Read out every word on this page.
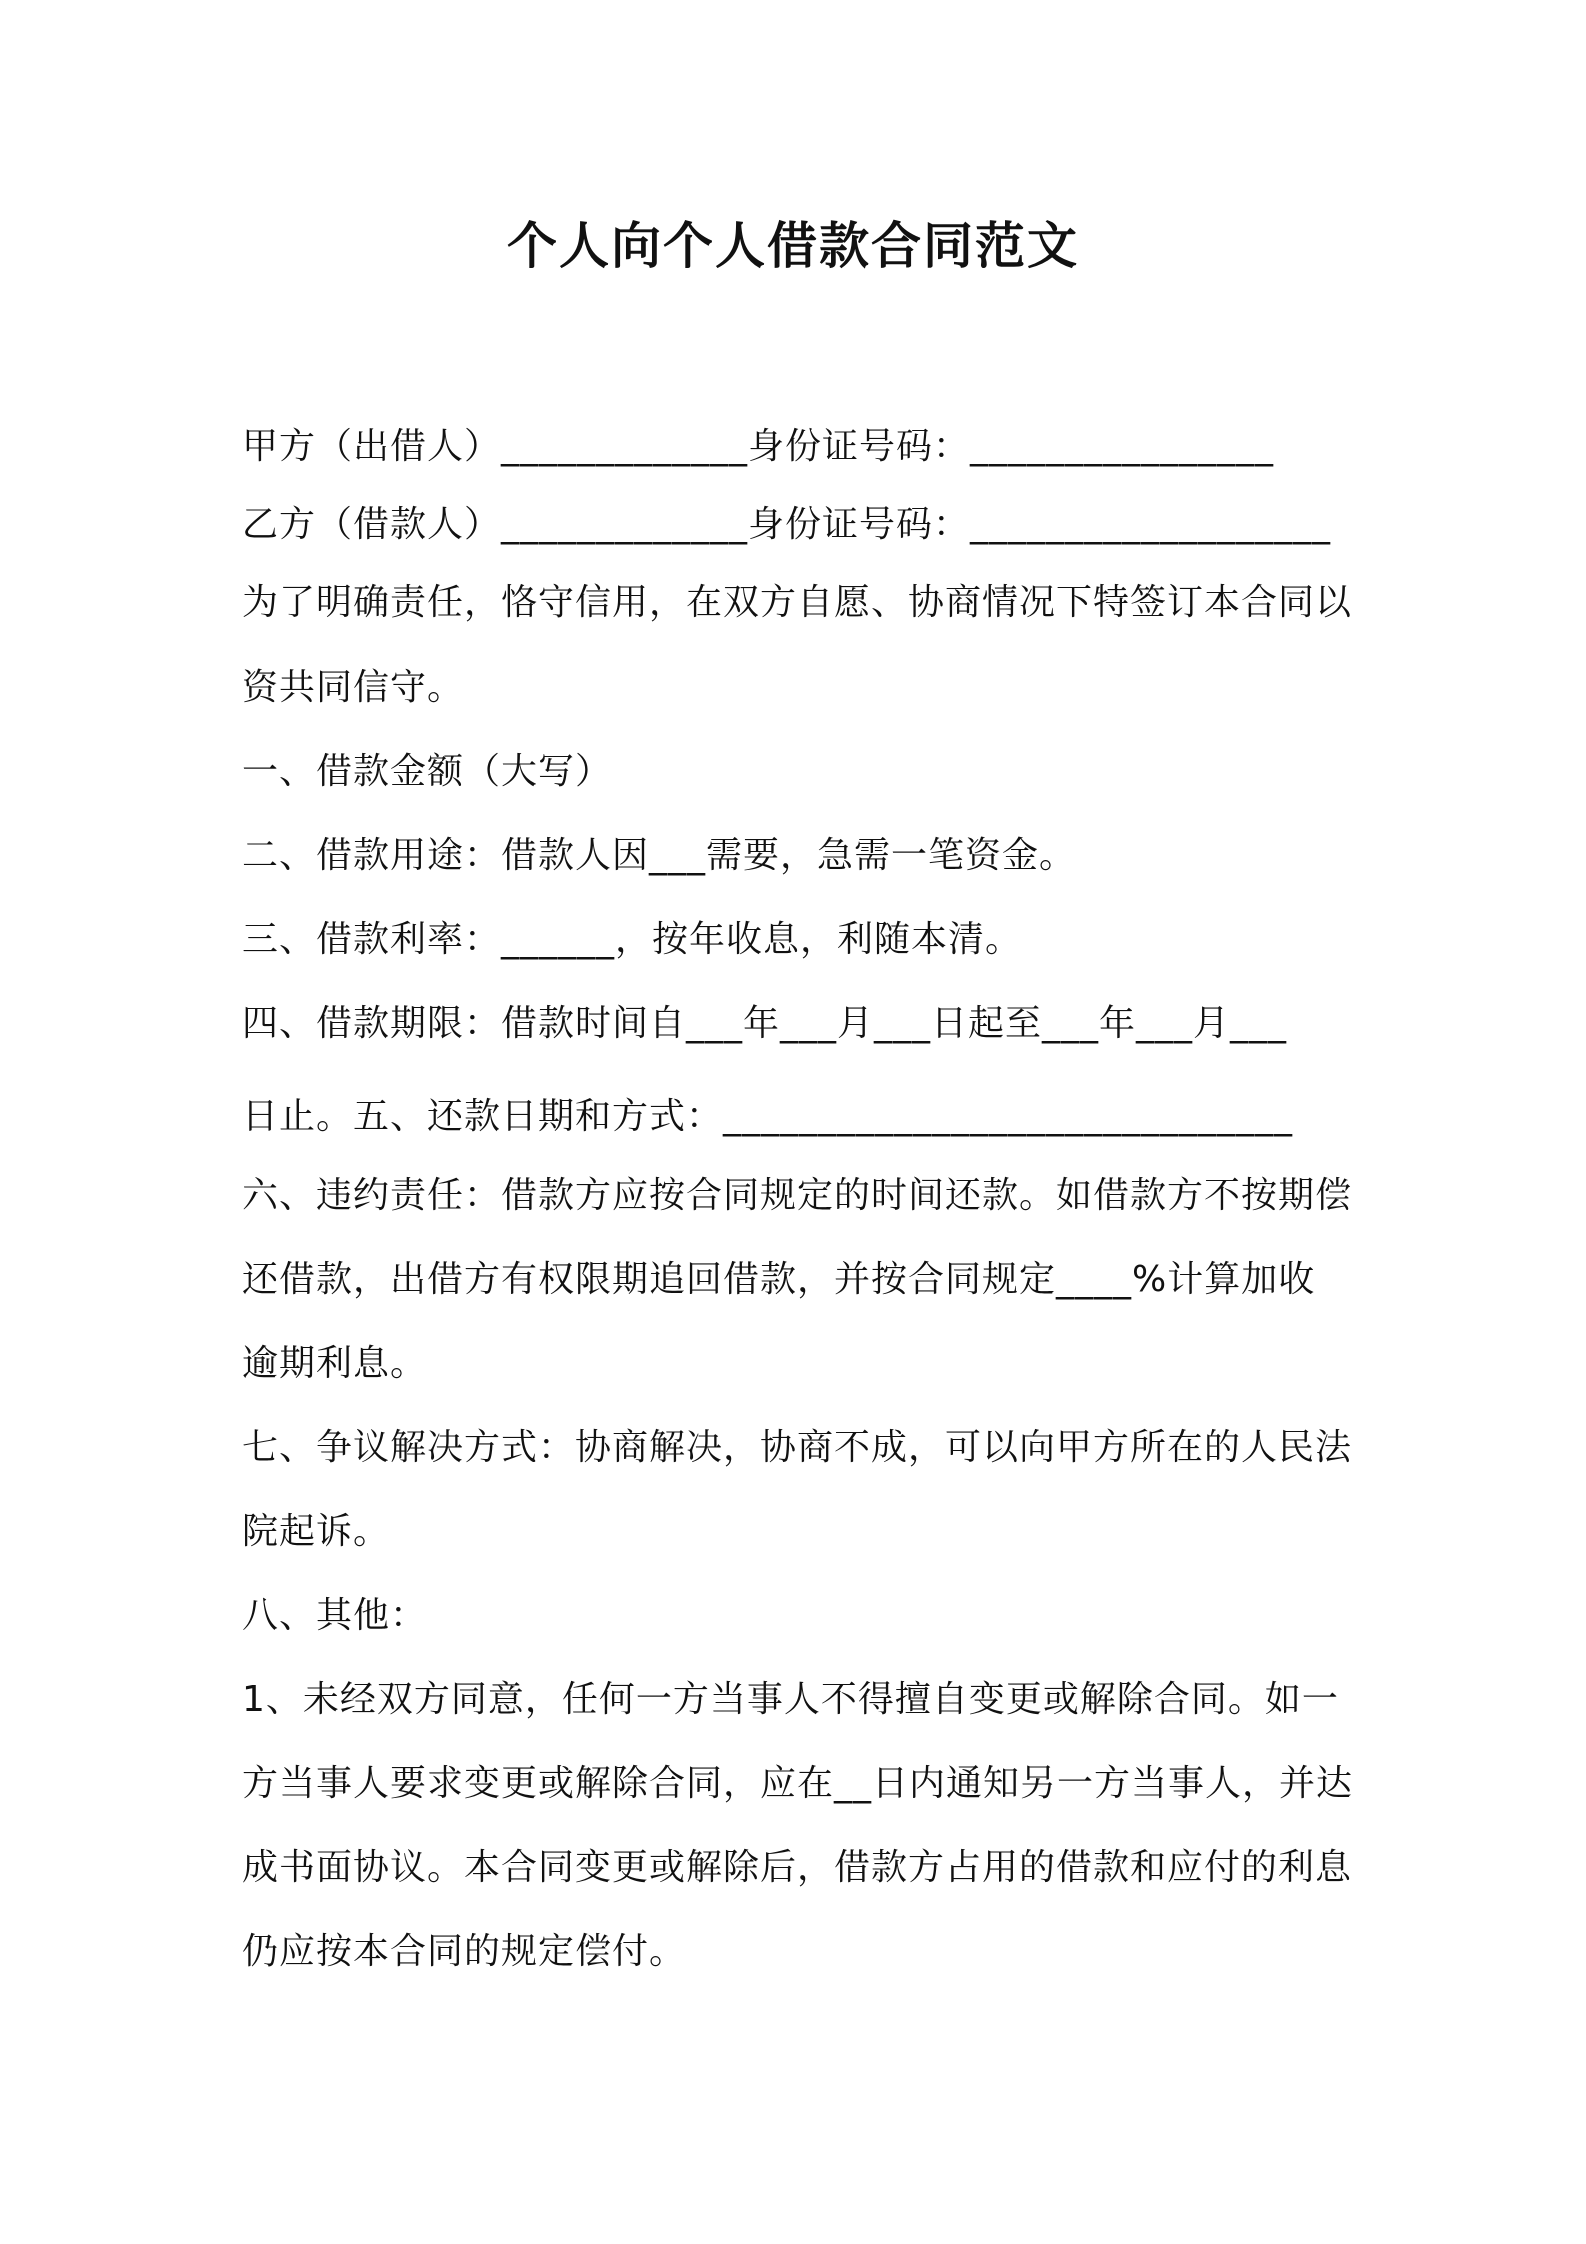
个人向个人借款合同范文

甲方（出借人）_____________身份证号码：________________

乙方（借款人）_____________身份证号码：___________________

为了明确责任，恪守信用，在双方自愿、协商情况下特签订本合同以

资共同信守。

一、借款金额（大写）

二、借款用途：借款人因___需要，急需一笔资金。

三、借款利率：______，按年收息，利随本清。

四、借款期限：借款时间自___年___月___日起至___年___月___

日止。五、还款日期和方式：______________________________

六、违约责任：借款方应按合同规定的时间还款。如借款方不按期偿

还借款，出借方有权限期追回借款，并按合同规定____%计算加收

逾期利息。

七、争议解决方式：协商解决，协商不成，可以向甲方所在的人民法

院起诉。

八、其他：

1、未经双方同意，任何一方当事人不得擅自变更或解除合同。如一

方当事人要求变更或解除合同，应在__日内通知另一方当事人，并达

成书面协议。本合同变更或解除后，借款方占用的借款和应付的利息

仍应按本合同的规定偿付。
